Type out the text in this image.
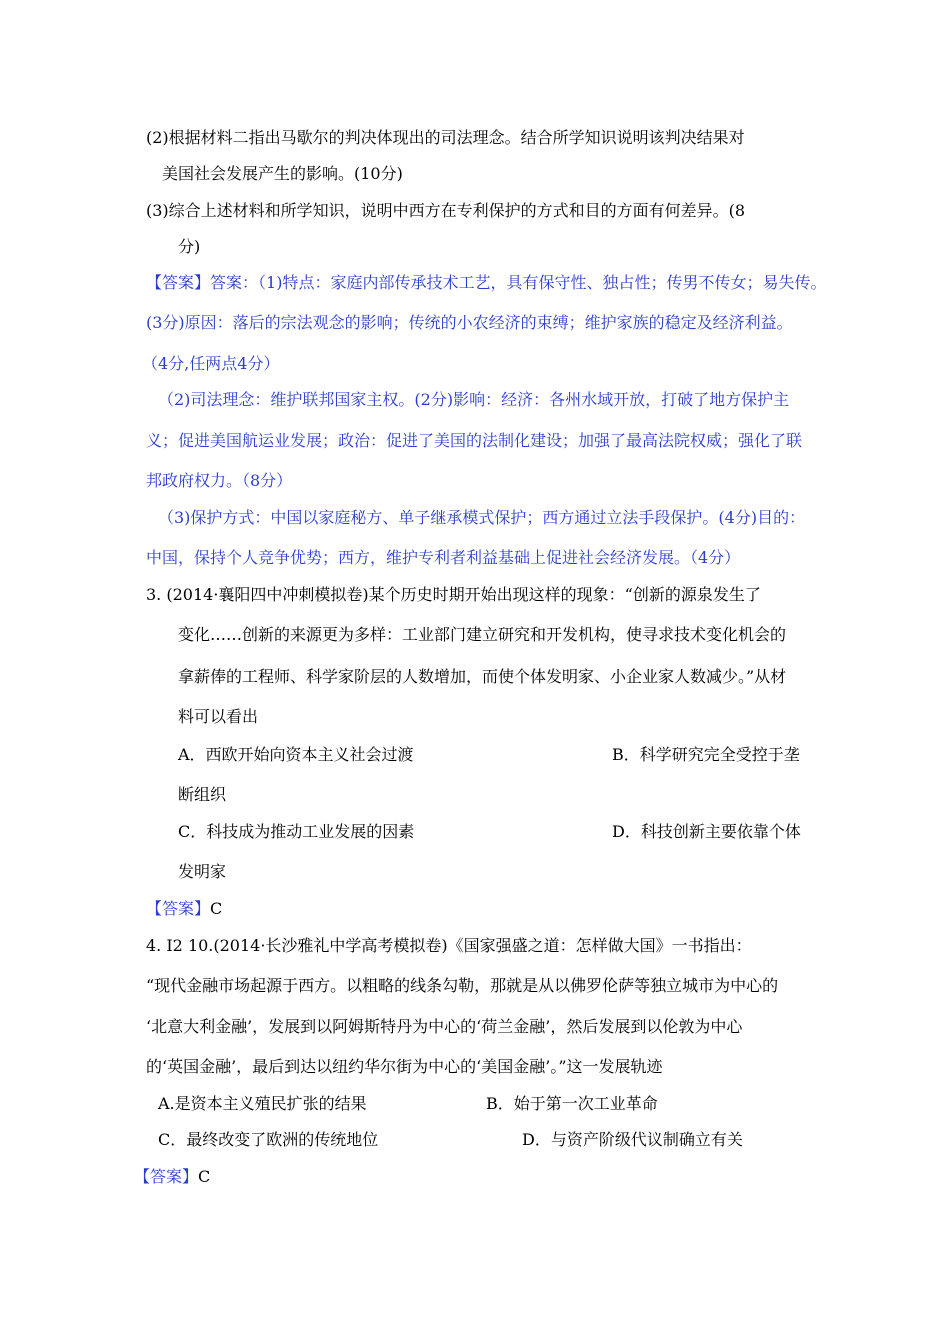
(2)根据材料二指出马歇尔的判决体现出的司法理念。结合所学知识说明该判决结果对
美国社会发展产生的影响。(10分)
(3)综合上述材料和所学知识，说明中西方在专利保护的方式和目的方面有何差异。(8
分)
【答案】答案：（1)特点：家庭内部传承技术工艺，具有保守性、独占性；传男不传女；易失传。
(3分)原因：落后的宗法观念的影响；传统的小农经济的束缚；维护家族的稳定及经济利益。
（4分,任两点4分）
（2)司法理念：维护联邦国家主权。(2分)影响：经济：各州水域开放，打破了地方保护主
义；促进美国航运业发展；政治：促进了美国的法制化建设；加强了最高法院权威；强化了联
邦政府权力。（8分）
（3)保护方式：中国以家庭秘方、单子继承模式保护；西方通过立法手段保护。(4分)目的：
中国，保持个人竞争优势；西方，维护专利者利益基础上促进社会经济发展。（4分）
3. (2014·襄阳四中冲刺模拟卷)某个历史时期开始出现这样的现象：“创新的源泉发生了
变化……创新的来源更为多样：工业部门建立研究和开发机构，使寻求技术变化机会的
拿薪俸的工程师、科学家阶层的人数增加，而使个体发明家、小企业家人数减少。”从材
料可以看出
A．西欧开始向资本主义社会过渡	B．科学研究完全受控于垄
断组织
C．科技成为推动工业发展的因素	D．科技创新主要依靠个体
发明家
【答案】C
4. I2 10.(2014·长沙雅礼中学高考模拟卷)《国家强盛之道：怎样做大国》一书指出：
“现代金融市场起源于西方。以粗略的线条勾勒，那就是从以佛罗伦萨等独立城市为中心的
‘北意大利金融’，发展到以阿姆斯特丹为中心的‘荷兰金融’，然后发展到以伦敦为中心
的‘英国金融’，最后到达以纽约华尔街为中心的‘美国金融’。”这一发展轨迹
A.是资本主义殖民扩张的结果	B．始于第一次工业革命
C．最终改变了欧洲的传统地位	D．与资产阶级代议制确立有关
【答案】C
